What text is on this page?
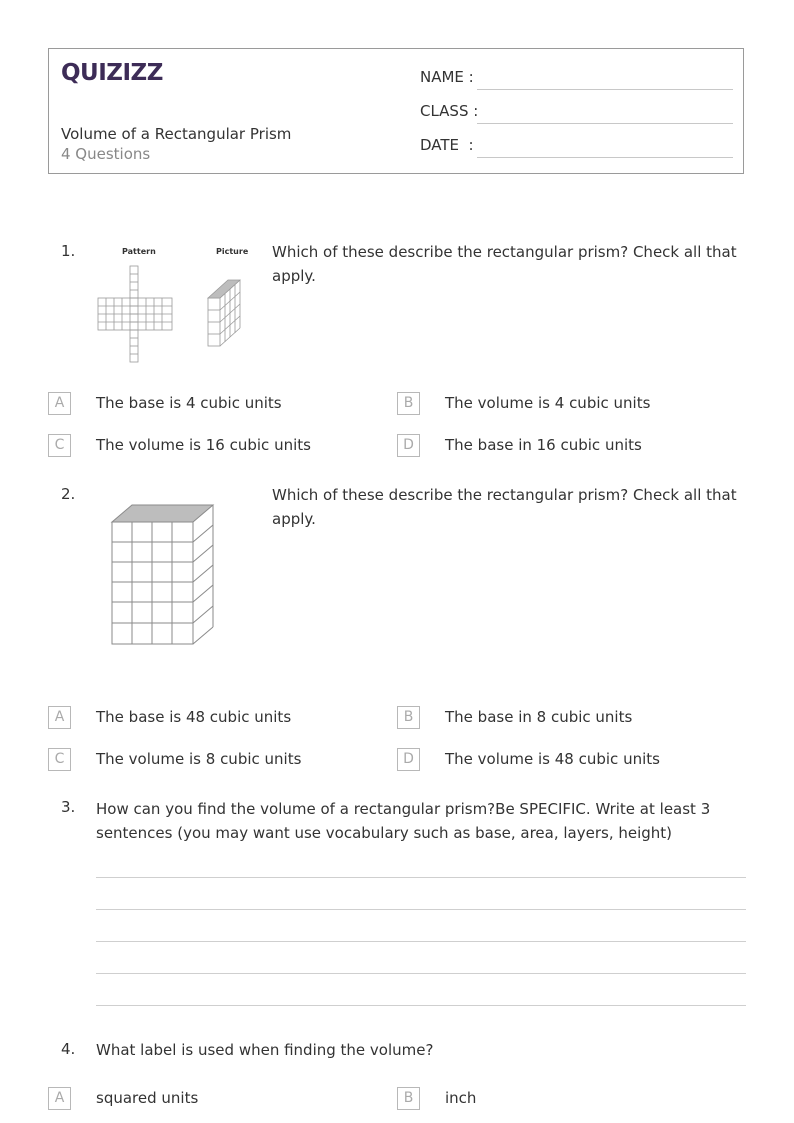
QUIZIZZ
Volume of a Rectangular Prism
4 Questions
NAME :
CLASS :
DATE  :
1.	Which of these describe the rectangular prism? Check all that apply.
Pattern	Picture
A	The base is 4 cubic units	B	The volume is 4 cubic units
C	The volume is 16 cubic units	D	The base in 16 cubic units
2.	Which of these describe the rectangular prism? Check all that apply.
A	The base is 48 cubic units	B	The base in 8 cubic units
C	The volume is 8 cubic units	D	The volume is 48 cubic units
3. How can you find the volume of a rectangular prism?Be SPECIFIC. Write at least 3 sentences (you may want use vocabulary such as base, area, layers, height)
4. What label is used when finding the volume?
A	squared units	B	inch
